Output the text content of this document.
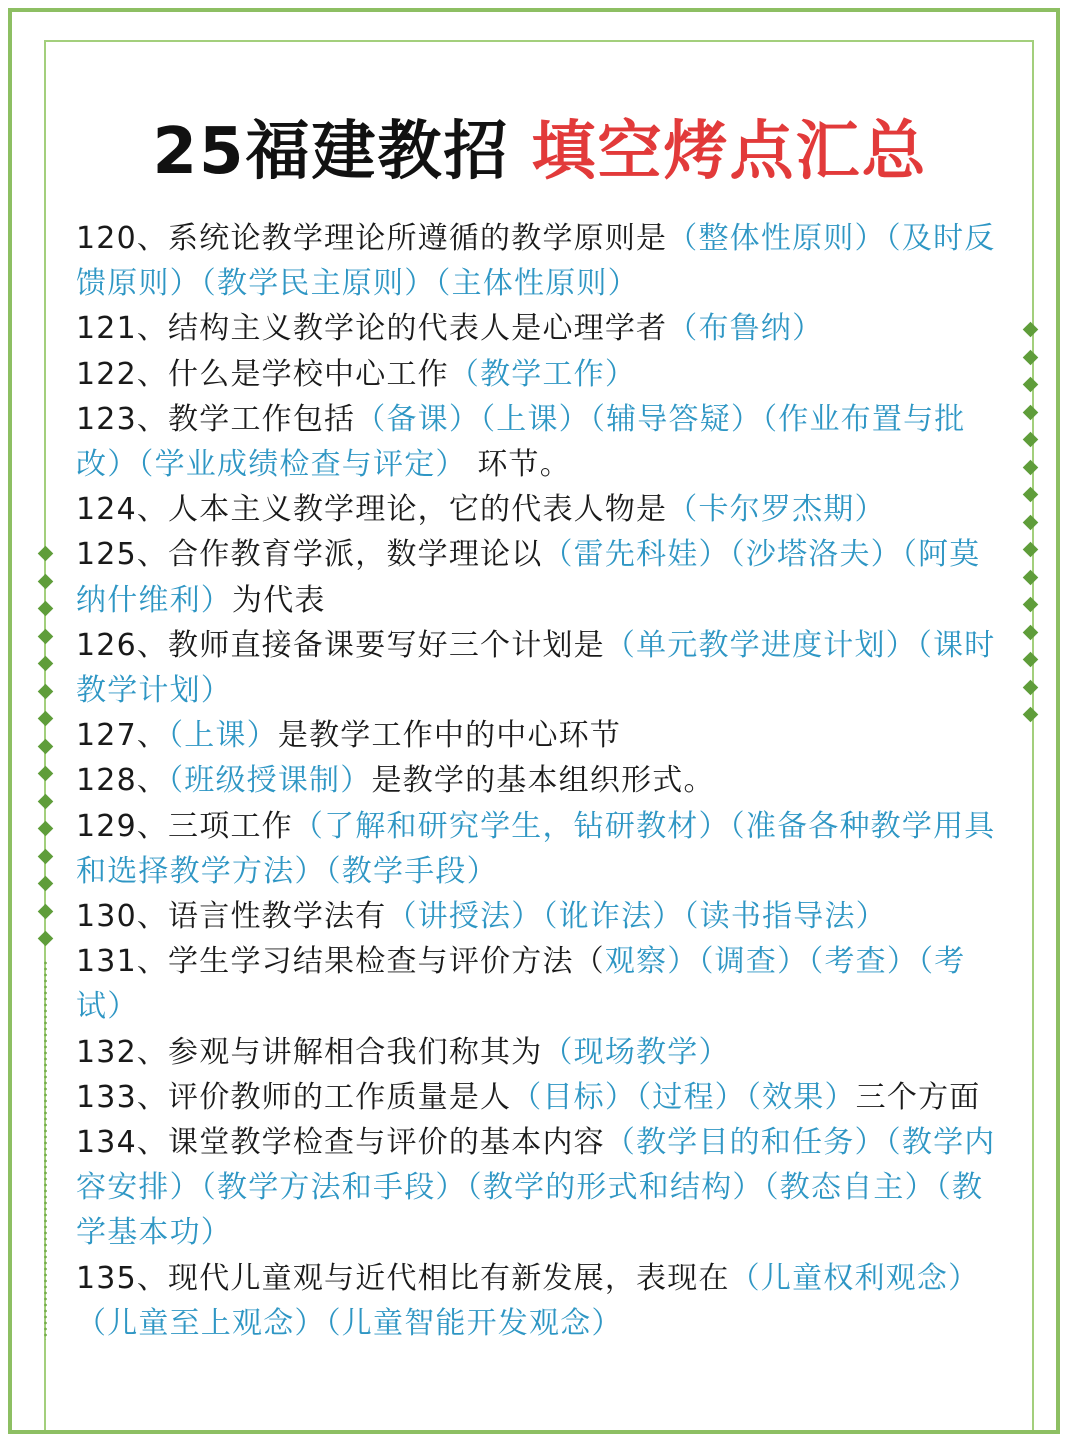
25福建教招 填空烤点汇总

120、系统论教学理论所遵循的教学原则是（整体性原则）（及时反馈原则）（教学民主原则）（主体性原则）

121、结构主义教学论的代表人是心理学者（布鲁纳）

122、什么是学校中心工作（教学工作）

123、教学工作包括（备课）（上课）（辅导答疑）（作业布置与批改）（学业成绩检查与评定） 环节。

124、人本主义教学理论，它的代表人物是（卡尔罗杰期）

125、合作教育学派，数学理论以（雷先科娃）（沙塔洛夫）（阿莫纳什维利）为代表

126、教师直接备课要写好三个计划是（单元教学进度计划）（课时教学计划）

127、（上课）是教学工作中的中心环节

128、（班级授课制）是教学的基本组织形式。

129、三项工作（了解和研究学生，钻研教材）（准备各种教学用具和选择教学方法）（教学手段）

130、语言性教学法有（讲授法）（讹诈法）（读书指导法）

131、学生学习结果检查与评价方法（观察）（调查）（考查）（考试）

132、参观与讲解相合我们称其为（现场教学）

133、评价教师的工作质量是人（目标）（过程）（效果）三个方面

134、课堂教学检查与评价的基本内容（教学目的和任务）（教学内容安排）（教学方法和手段）（教学的形式和结构）（教态自主）（教学基本功）

135、现代儿童观与近代相比有新发展，表现在（儿童权利观念）（儿童至上观念）（儿童智能开发观念）
